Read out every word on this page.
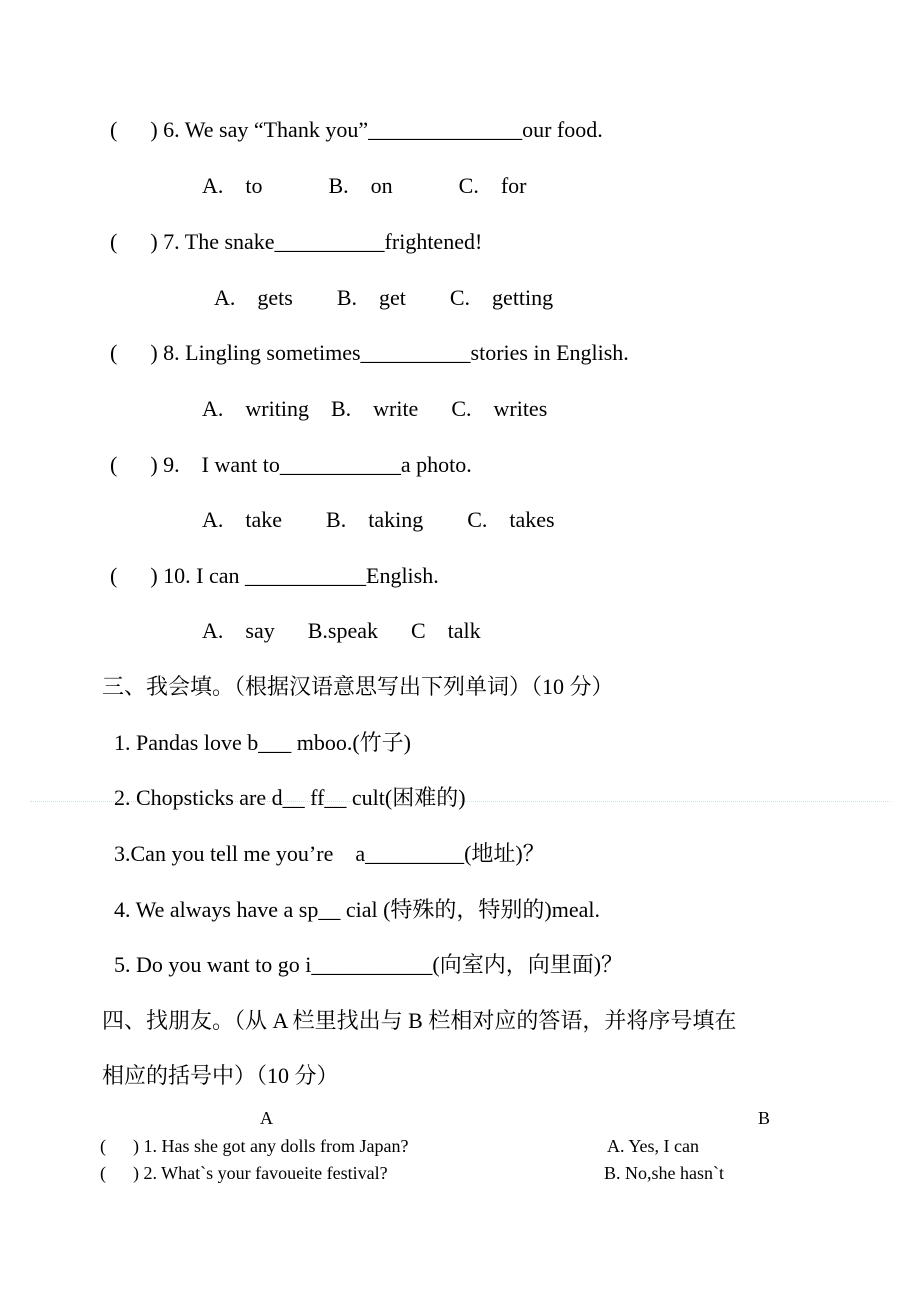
(      ) 6. We say “Thank you”______________our food.
A.    to            B.    on            C.    for
(      ) 7. The snake__________frightened!
A.    gets        B.    get        C.    getting
(      ) 8. Lingling sometimes__________stories in English.
A.    writing    B.    write      C.    writes
(      ) 9.    I want to___________a photo.
A.    take        B.    taking        C.    takes
(      ) 10. I can ___________English.
A.    say      B.speak      C    talk
三、我会填。（根据汉语意思写出下列单词）（10 分）
1. Pandas love b___ mboo.(竹子)
2. Chopsticks are d__ ff__ cult(困难的)
3.Can you tell me you’re    a_________(地址)？
4. We always have a sp__ cial (特殊的，特别的)meal.
5. Do you want to go i___________(向室内，向里面)？
四、找朋友。（从 A 栏里找出与 B 栏相对应的答语，并将序号填在
相应的括号中）（10 分）
A	B
(      ) 1. Has she got any dolls from Japan?	A. Yes, I can
(      ) 2. What`s your favoueite festival?	B. No,she hasn`t
